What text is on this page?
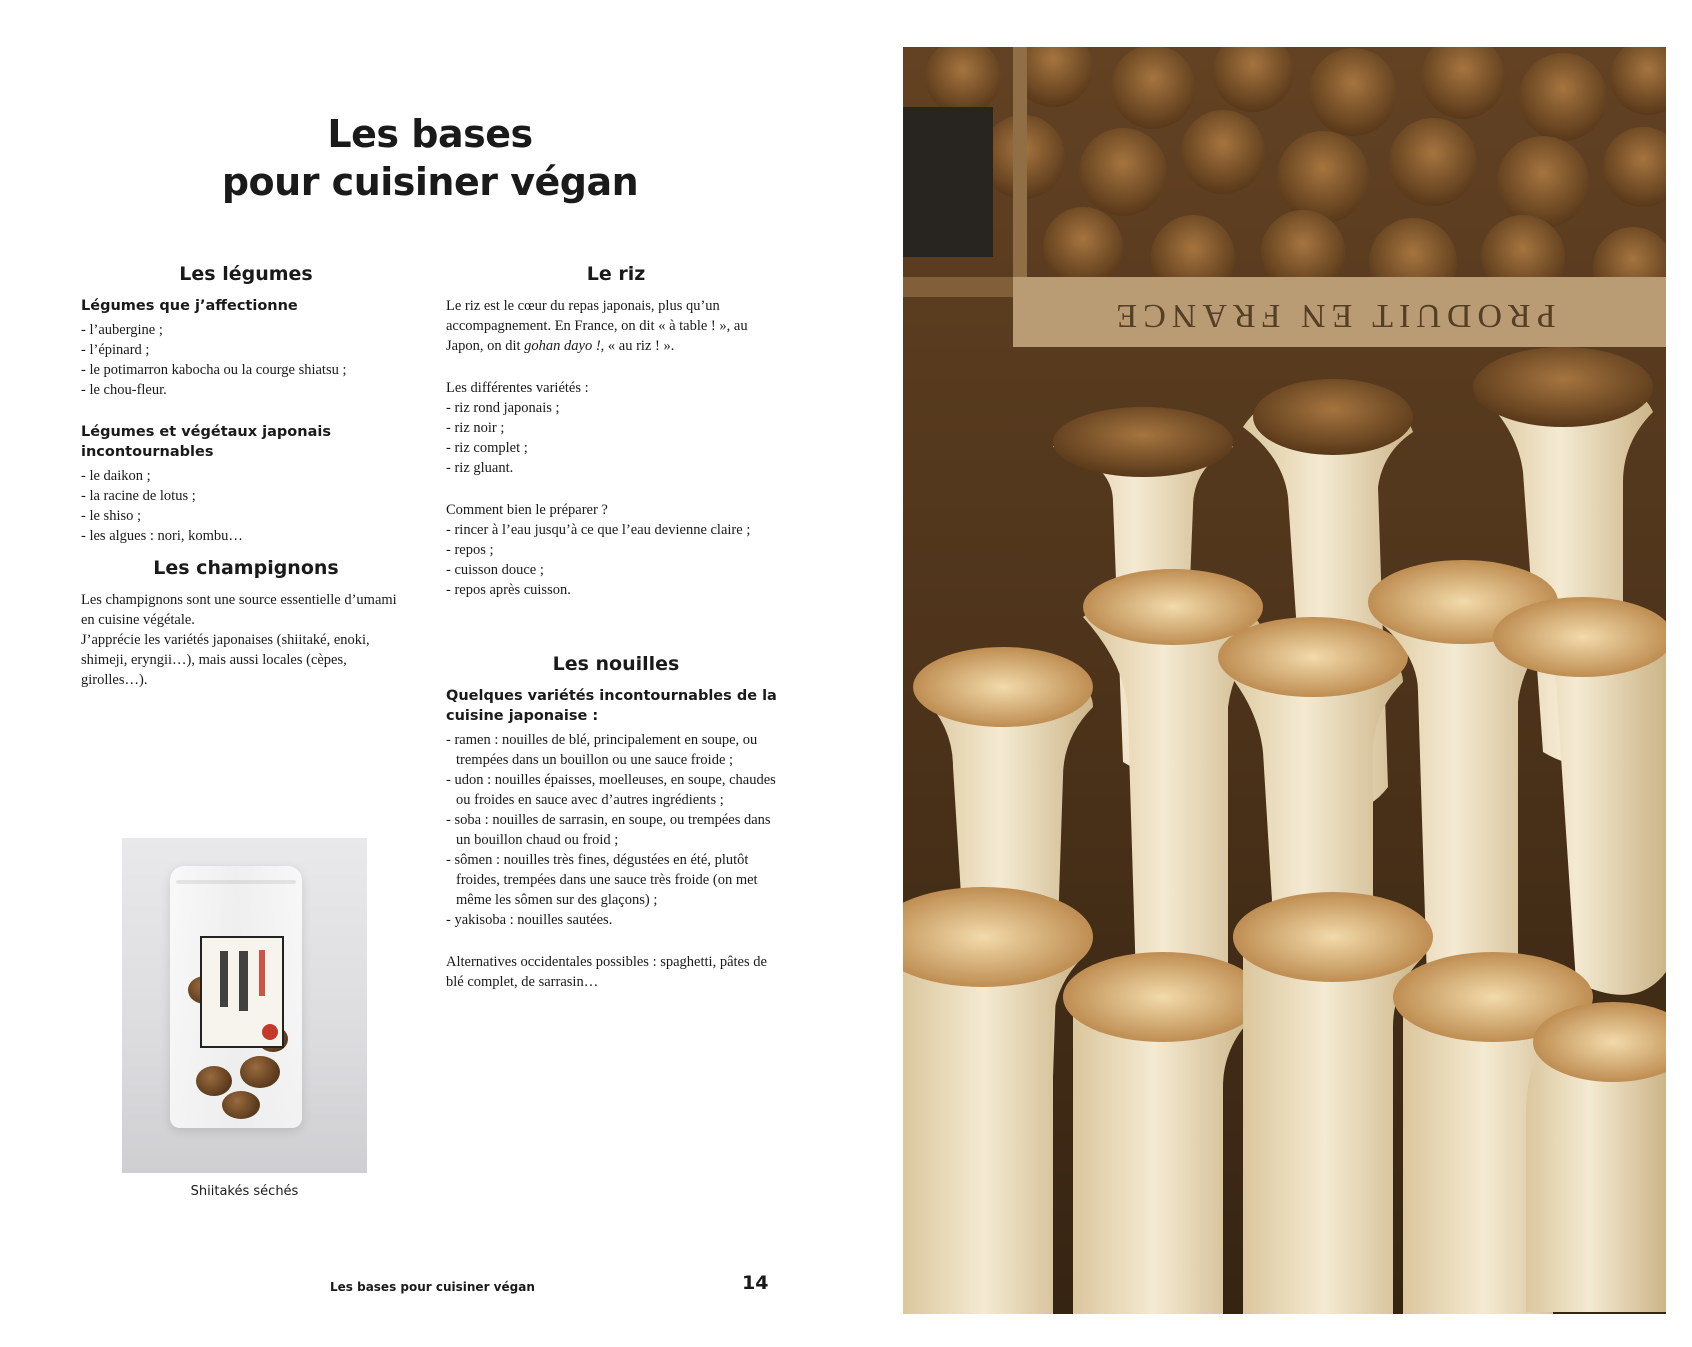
Les bases
pour cuisiner végan
Les légumes
Légumes que j’affectionne
- l’aubergine ;
- l’épinard ;
- le potimarron kabocha ou la courge shiatsu ;
- le chou-fleur.
Légumes et végétaux japonais incontournables
- le daikon ;
- la racine de lotus ;
- le shiso ;
- les algues : nori, kombu…
Les champignons

Les champignons sont une source essentielle d’umami en cuisine végétale.

J’apprécie les variétés japonaises (shiitaké, enoki, shimeji, eryngii…), mais aussi locales (cèpes, girolles…).

Le riz

Le riz est le cœur du repas japonais, plus qu’un accompagnement. En France, on dit « à table ! », au Japon, on dit gohan dayo !, « au riz ! ».

Les différentes variétés :

- riz rond japonais ;
- riz noir ;
- riz complet ;
- riz gluant.

Comment bien le préparer ?

- rincer à l’eau jusqu’à ce que l’eau devienne claire ;
- repos ;
- cuisson douce ;
- repos après cuisson.
Les nouilles
Quelques variétés incontournables de la cuisine japonaise :
- ramen : nouilles de blé, principalement en soupe, ou trempées dans un bouillon ou une sauce froide ;
- udon : nouilles épaisses, moelleuses, en soupe, chaudes ou froides en sauce avec d’autres ingrédients ;
- soba : nouilles de sarrasin, en soupe, ou trempées dans un bouillon chaud ou froid ;
- sômen : nouilles très fines, dégustées en été, plutôt froides, trempées dans une sauce très froide (on met même les sômen sur des glaçons) ;
- yakisoba : nouilles sautées.

Alternatives occidentales possibles : spaghetti, pâtes de blé complet, de sarrasin…

Shiitakés séchés
Les bases pour cuisiner végan	14
